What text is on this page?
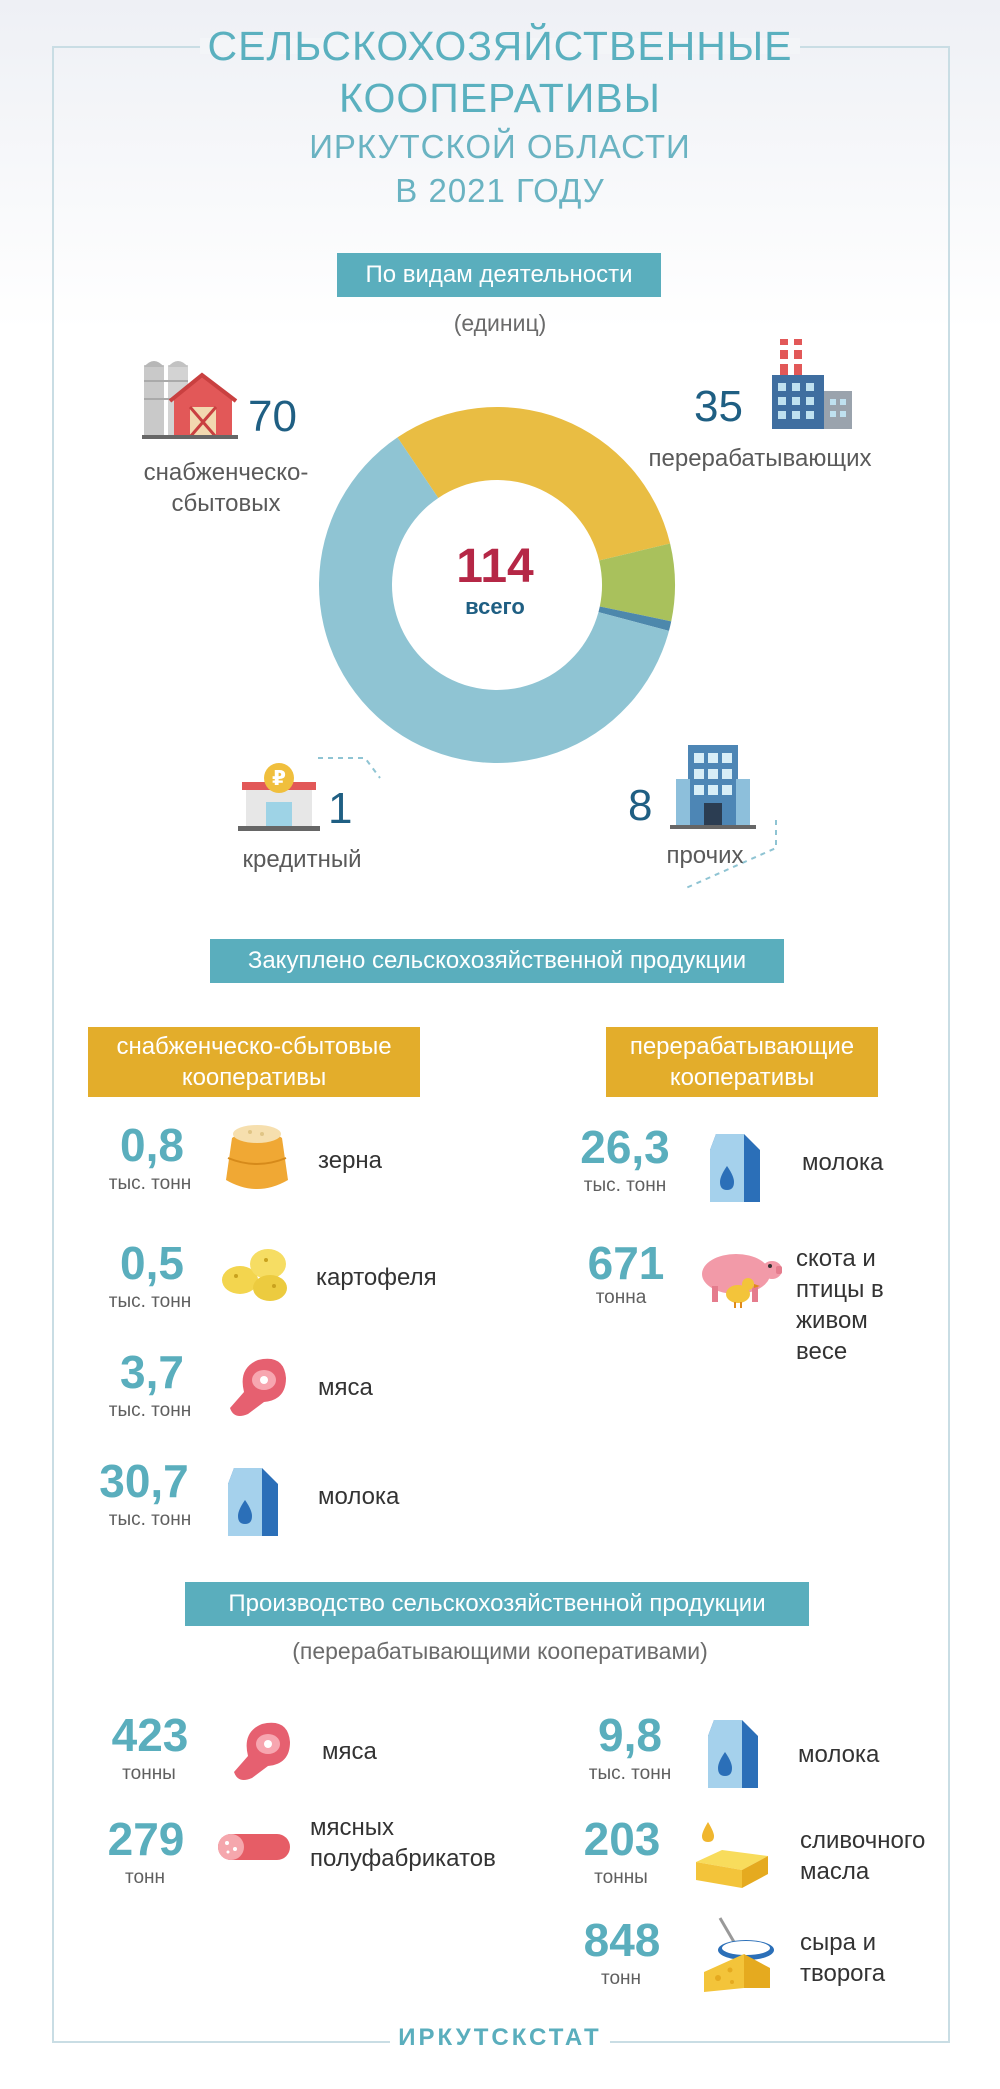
СЕЛЬСКОХОЗЯЙСТВЕННЫЕ
КООПЕРАТИВЫ
ИРКУТСКОЙ ОБЛАСТИ
В 2021 ГОДУ
По видам деятельности
(единиц)
114
всего
70
снабженческо-
сбытовых
35
перерабатывающих
1
кредитный
8
прочих
₽
Закуплено сельскохозяйственной продукции
снабженческо-сбытовые
кооперативы
перерабатывающие
кооперативы
0,8
тыс. тонн
зерна
0,5
тыс. тонн
картофеля
3,7
тыс. тонн
мяса
30,7
тыс. тонн
молока
26,3
тыс. тонн
молока
671
тонна
скота и
птицы в
живом
весе
Производство сельскохозяйственной продукции
(перерабатывающими кооперативами)
423
тонны
мяса
279
тонн
мясных
полуфабрикатов
9,8
тыс. тонн
молока
203
тонны
сливочного
масла
848
тонн
сыра и
творога
ИРКУТСКСТАТ
